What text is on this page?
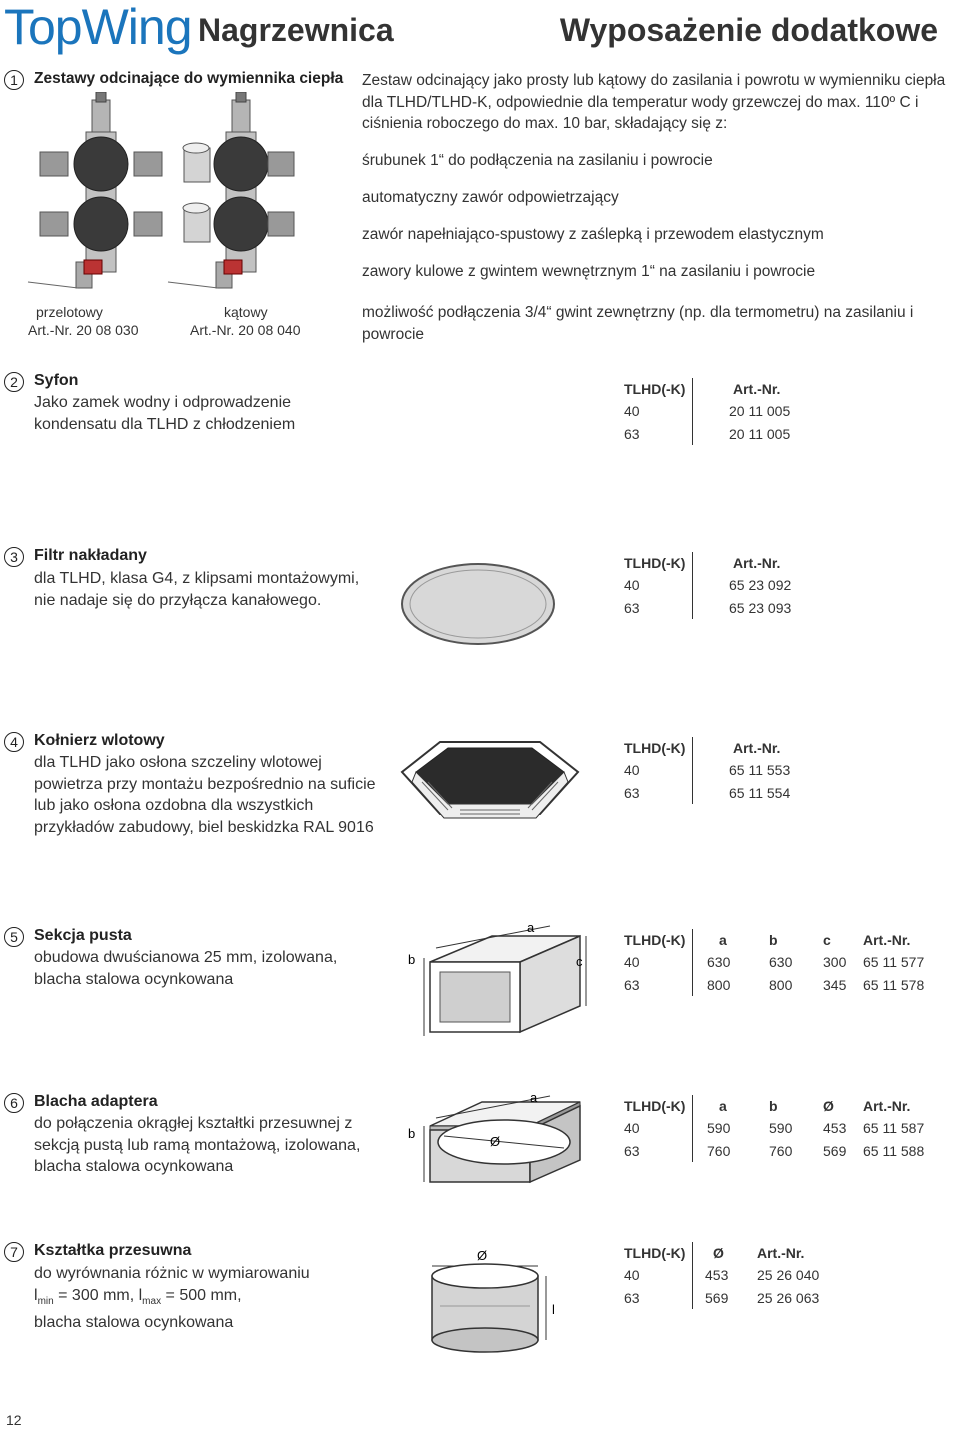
TopWing Nagrzewnica	Wyposażenie dodatkowe
1	Zestawy odcinające do wymiennika ciepła
przelotowy
Art.-Nr. 20 08 030
kątowy
Art.-Nr. 20 08 040
Zestaw odcinający jako prosty lub kątowy do zasilania i powrotu w wymienniku ciepła dla TLHD/TLHD-K, odpowiednie dla temperatur wody grzewczej do max. 110º C i ciśnienia roboczego do max. 10 bar, składający się z:
śrubunek 1“ do podłączenia na zasilaniu i powrocie
automatyczny zawór odpowietrzający
zawór napełniająco-spustowy z zaślepką i przewodem elastycznym
zawory kulowe z gwintem wewnętrznym 1“ na zasilaniu i powrocie
możliwość podłączenia 3/4“ gwint zewnętrzny (np. dla termometru) na zasilaniu i powrocie
2	Syfon
Jako zamek wodny i odprowadzenie
kondensatu dla TLHD z chłodzeniem
TLHD(-K)	Art.-Nr.
40	20 11 005
63	20 11 005
3	Filtr nakładany
dla TLHD, klasa G4, z klipsami montażowymi,
nie nadaje się do przyłącza kanałowego.
TLHD(-K)	Art.-Nr.
40	65 23 092
63	65 23 093
4	Kołnierz wlotowy
dla TLHD jako osłona szczeliny wlotowej
powietrza przy montażu bezpośrednio na suficie
lub jako osłona ozdobna dla wszystkich
przykładów zabudowy, biel beskidzka RAL 9016
TLHD(-K)	Art.-Nr.
40	65 11 553
63	65 11 554
5	Sekcja pusta
obudowa dwuścianowa 25 mm, izolowana,
blacha stalowa ocynkowana
a
b	c
TLHD(-K)	a	b	c	Art.-Nr.
40	630	630	300	65 11 577
63	800	800	345	65 11 578
6	Blacha adaptera
do połączenia okrągłej kształtki przesuwnej z
sekcją pustą lub ramą montażową, izolowana,
blacha stalowa ocynkowana
a
b
Ø
TLHD(-K)	a	b	Ø	Art.-Nr.
40	590	590	453	65 11 587
63	760	760	569	65 11 588
7	Kształtka przesuwna
do wyrównania różnic w wymiarowaniu
$l_{min} = 300$ mm, $l_{max} = 500$ mm,
blacha stalowa ocynkowana
Ø
l
TLHD(-K)	Ø	Art.-Nr.
40	453	25 26 040
63	569	25 26 063
12
